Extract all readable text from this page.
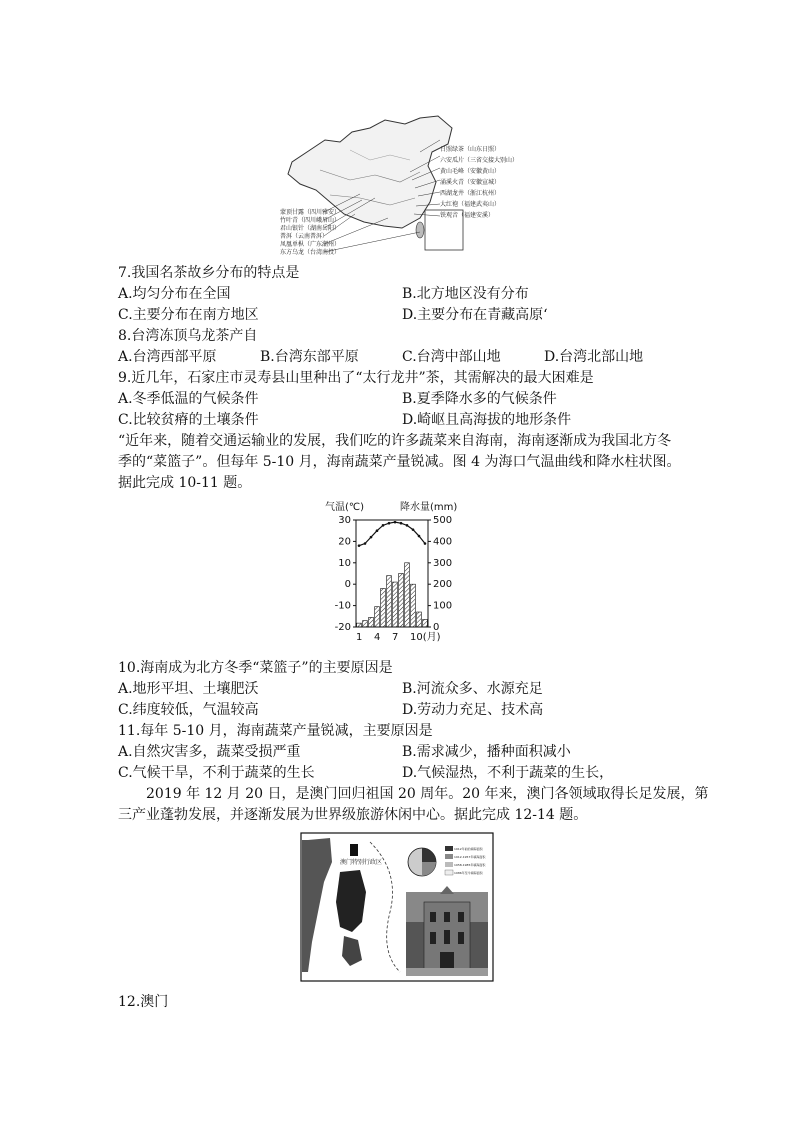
日照绿茶（山东日照）
六安瓜片（三省交接大别山）
黄山毛峰（安徽黄山）
涌溪火青（安徽宣城）
西湖龙井（浙江杭州）
大红袍（福建武夷山）
铁观音（福建安溪）
蒙顶甘露（四川雅安）
竹叶青（四川峨眉山）
君山银针（湖南岳阳）
普洱（云南普洱）
凤凰单枞（广东潮州）
东方乌龙（台湾南投）
7.我国名茶故乡分布的特点是
A.均匀分布在全国	B.北方地区没有分布
C.主要分布在南方地区	D.主要分布在青藏高原‘
8.台湾冻顶乌龙茶产自
A.台湾西部平原	B.台湾东部平原	C.台湾中部山地	D.台湾北部山地
9.近几年，石家庄市灵寿县山里种出了“太行龙井”茶，其需解决的最大困难是
A.冬季低温的气候条件	B.夏季降水多的气候条件
C.比较贫瘠的土壤条件	D.崎岖且高海拔的地形条件
“近年来，随着交通运输业的发展，我们吃的许多蔬菜来自海南，海南逐渐成为我国北方冬
季的“菜篮子”。但每年 5-10 月，海南蔬菜产量锐减。图 4 为海口气温曲线和降水柱状图。
据此完成 10-11 题。
气温(℃)	降水量(mm)
30
20
10
0
-10
-20
500
400
300
200
100
0
1 4 7 10(月)
10.海南成为北方冬季“菜篮子”的主要原因是
A.地形平坦、土壤肥沃	B.河流众多、水源充足
C.纬度较低，气温较高	D.劳动力充足、技术高
11.每年 5-10 月，海南蔬菜产量锐减，主要原因是
A.自然灾害多，蔬菜受损严重	B.需求减少，播种面积减小
C.气候干旱，不利于蔬菜的生长	D.气候湿热，不利于蔬菜的生长，
2019 年 12 月 20 日，是澳门回归祖国 20 周年。20 年来，澳门各领域取得长足发展，第
三产业蓬勃发展，并逐渐发展为世界级旅游休闲中心。据此完成 12-14 题。
澳门特别行政区
1912年前的填海面积
1912-1957年填海面积
1958-1985年填海面积
1986年至今填海面积
12.澳门
